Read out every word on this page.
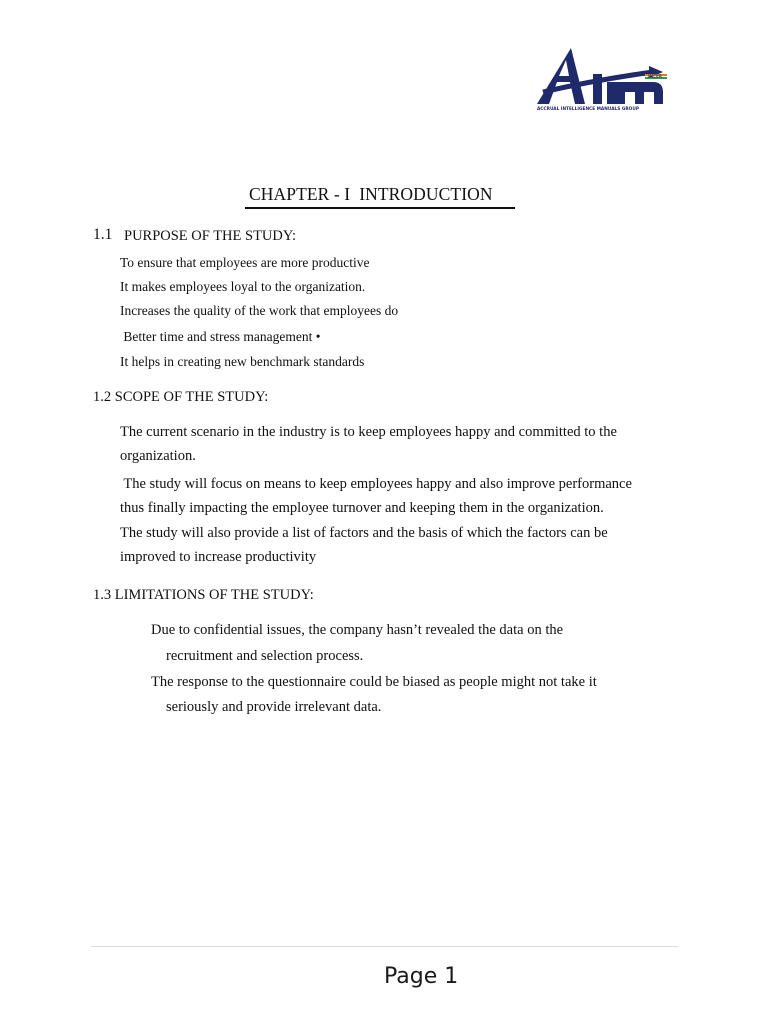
INDIA
ACCRUAL INTELLIGENCE MANUALS GROUP
CHAPTER - I  INTRODUCTION
1.1 PURPOSE OF THE STUDY:
To ensure that employees are more productive
It makes employees loyal to the organization.
Increases the quality of the work that employees do
Better time and stress management •
It helps in creating new benchmark standards
1.2 SCOPE OF THE STUDY:
The current scenario in the industry is to keep employees happy and committed to the
organization.
The study will focus on means to keep employees happy and also improve performance
thus finally impacting the employee turnover and keeping them in the organization.
The study will also provide a list of factors and the basis of which the factors can be
improved to increase productivity
1.3 LIMITATIONS OF THE STUDY:
Due to confidential issues, the company hasn’t revealed the data on the
recruitment and selection process.
The response to the questionnaire could be biased as people might not take it
seriously and provide irrelevant data.
Page 1
